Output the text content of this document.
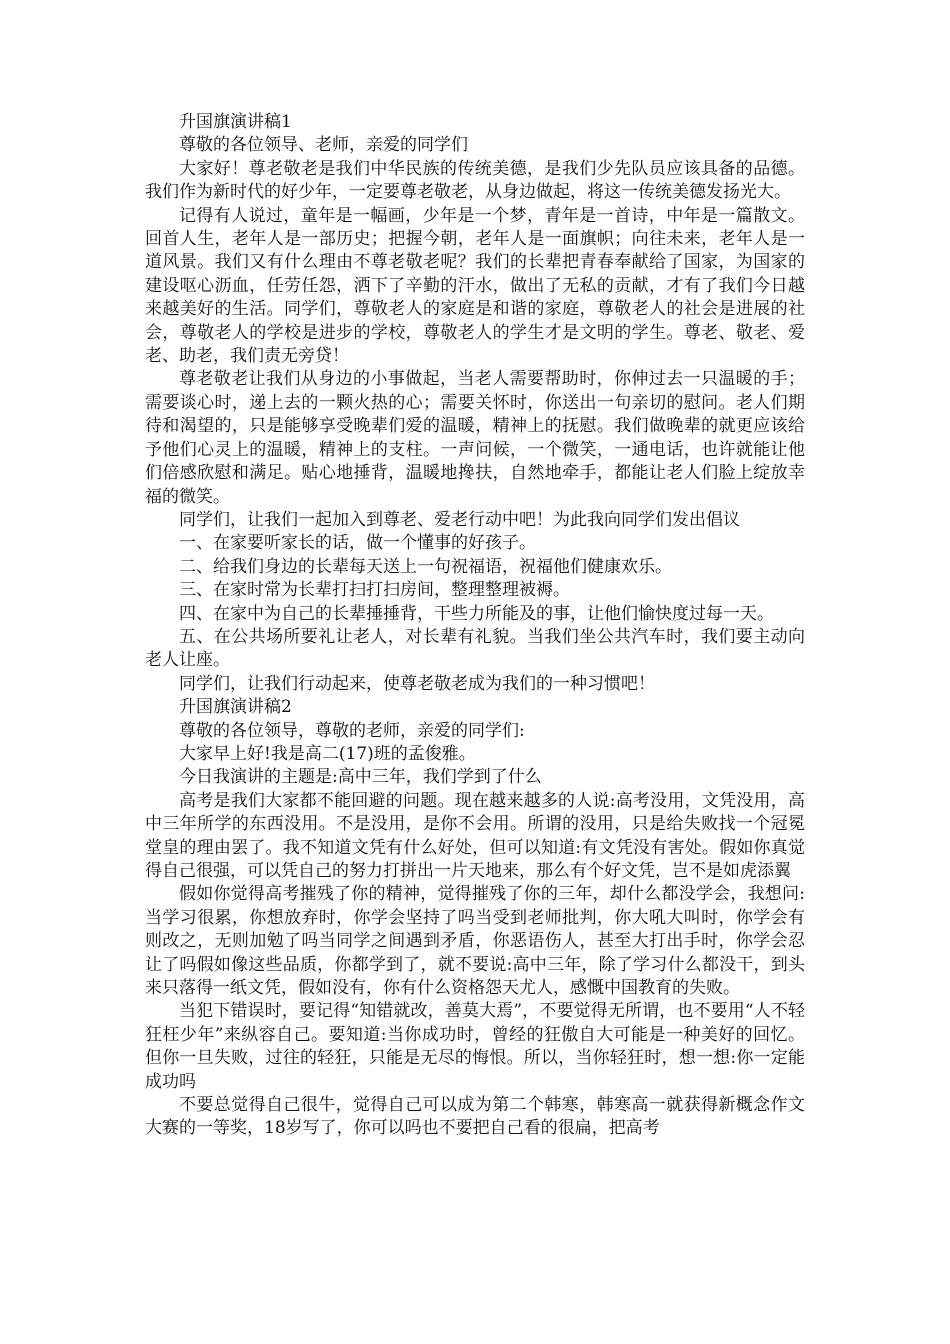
升国旗演讲稿1

尊敬的各位领导、老师，亲爱的同学们

大家好！尊老敬老是我们中华民族的传统美德，是我们少先队员应该具备的品德。我们作为新时代的好少年，一定要尊老敬老，从身边做起，将这一传统美德发扬光大。

记得有人说过，童年是一幅画，少年是一个梦，青年是一首诗，中年是一篇散文。回首人生，老年人是一部历史；把握今朝，老年人是一面旗帜；向往未来，老年人是一道风景。我们又有什么理由不尊老敬老呢？我们的长辈把青春奉献给了国家，为国家的建设呕心沥血，任劳任怨，洒下了辛勤的汗水，做出了无私的贡献，才有了我们今日越来越美好的生活。同学们，尊敬老人的家庭是和谐的家庭，尊敬老人的社会是进展的社会，尊敬老人的学校是进步的学校，尊敬老人的学生才是文明的学生。尊老、敬老、爱老、助老，我们责无旁贷！

尊老敬老让我们从身边的小事做起，当老人需要帮助时，你伸过去一只温暖的手；需要谈心时，递上去的一颗火热的心；需要关怀时，你送出一句亲切的慰问。老人们期待和渴望的，只是能够享受晚辈们爱的温暖，精神上的抚慰。我们做晚辈的就更应该给予他们心灵上的温暖，精神上的支柱。一声问候，一个微笑，一通电话，也许就能让他们倍感欣慰和满足。贴心地捶背，温暖地搀扶，自然地牵手，都能让老人们脸上绽放幸福的微笑。

同学们，让我们一起加入到尊老、爱老行动中吧！为此我向同学们发出倡议

一、在家要听家长的话，做一个懂事的好孩子。

二、给我们身边的长辈每天送上一句祝福语，祝福他们健康欢乐。

三、在家时常为长辈打扫打扫房间，整理整理被褥。

四、在家中为自己的长辈捶捶背，干些力所能及的事，让他们愉快度过每一天。

五、在公共场所要礼让老人，对长辈有礼貌。当我们坐公共汽车时，我们要主动向老人让座。

同学们，让我们行动起来，使尊老敬老成为我们的一种习惯吧！

升国旗演讲稿2

尊敬的各位领导，尊敬的老师，亲爱的同学们:

大家早上好!我是高二(17)班的孟俊雅。

今日我演讲的主题是:高中三年，我们学到了什么

高考是我们大家都不能回避的问题。现在越来越多的人说:高考没用，文凭没用，高中三年所学的东西没用。不是没用，是你不会用。所谓的没用，只是给失败找一个冠冕堂皇的理由罢了。我不知道文凭有什么好处，但可以知道:有文凭没有害处。假如你真觉得自己很强，可以凭自己的努力打拼出一片天地来，那么有个好文凭，岂不是如虎添翼

假如你觉得高考摧残了你的精神，觉得摧残了你的三年，却什么都没学会，我想问:当学习很累，你想放弃时，你学会坚持了吗当受到老师批判，你大吼大叫时，你学会有则改之，无则加勉了吗当同学之间遇到矛盾，你恶语伤人，甚至大打出手时，你学会忍让了吗假如像这些品质，你都学到了，就不要说:高中三年，除了学习什么都没干，到头来只落得一纸文凭，假如没有，你有什么资格怨天尤人，感慨中国教育的失败。

当犯下错误时，要记得“知错就改，善莫大焉”，不要觉得无所谓，也不要用“人不轻狂枉少年”来纵容自己。要知道:当你成功时，曾经的狂傲自大可能是一种美好的回忆。但你一旦失败，过往的轻狂，只能是无尽的悔恨。所以，当你轻狂时，想一想:你一定能成功吗

不要总觉得自己很牛，觉得自己可以成为第二个韩寒，韩寒高一就获得新概念作文大赛的一等奖，18岁写了，你可以吗也不要把自己看的很扁，把高考
